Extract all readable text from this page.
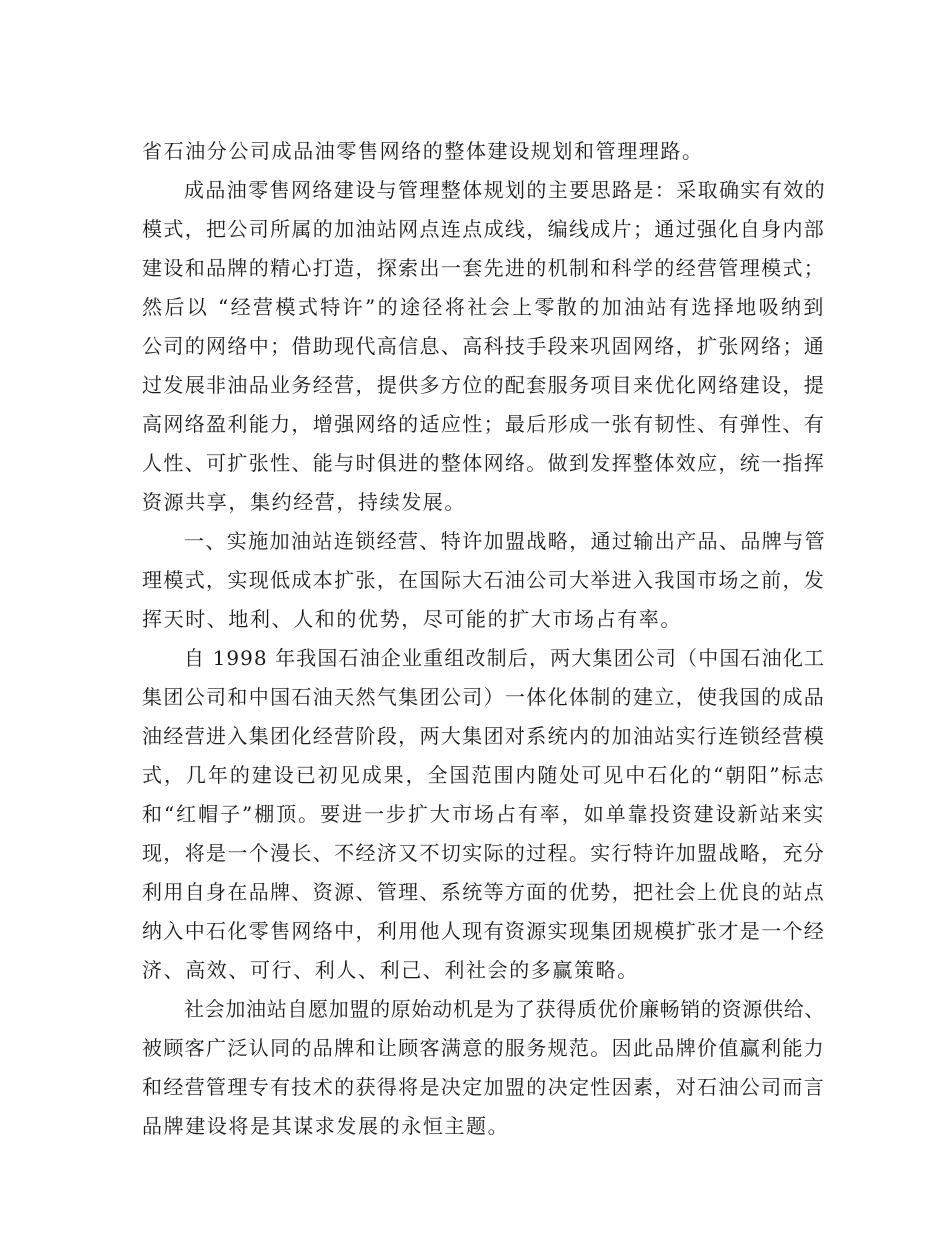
省石油分公司成品油零售网络的整体建设规划和管理理路。
成品油零售网络建设与管理整体规划的主要思路是：采取确实有效的
模式，把公司所属的加油站网点连点成线，编线成片；通过强化自身内部
建设和品牌的精心打造，探索出一套先进的机制和科学的经营管理模式；
然后以 “经营模式特许”的途径将社会上零散的加油站有选择地吸纳到
公司的网络中；借助现代高信息、高科技手段来巩固网络，扩张网络；通
过发展非油品业务经营，提供多方位的配套服务项目来优化网络建设，提
高网络盈利能力，增强网络的适应性；最后形成一张有韧性、有弹性、有
人性、可扩张性、能与时俱进的整体网络。做到发挥整体效应，统一指挥
资源共享，集约经营，持续发展。
一、实施加油站连锁经营、特许加盟战略，通过输出产品、品牌与管
理模式，实现低成本扩张，在国际大石油公司大举进入我国市场之前，发
挥天时、地利、人和的优势，尽可能的扩大市场占有率。
自 1998 年我国石油企业重组改制后，两大集团公司（中国石油化工
集团公司和中国石油天然气集团公司）一体化体制的建立，使我国的成品
油经营进入集团化经营阶段，两大集团对系统内的加油站实行连锁经营模
式，几年的建设已初见成果，全国范围内随处可见中石化的“朝阳”标志
和“红帽子”棚顶。要进一步扩大市场占有率，如单靠投资建设新站来实
现，将是一个漫长、不经济又不切实际的过程。实行特许加盟战略，充分
利用自身在品牌、资源、管理、系统等方面的优势，把社会上优良的站点
纳入中石化零售网络中，利用他人现有资源实现集团规模扩张才是一个经
济、高效、可行、利人、利己、利社会的多赢策略。
社会加油站自愿加盟的原始动机是为了获得质优价廉畅销的资源供给、
被顾客广泛认同的品牌和让顾客满意的服务规范。因此品牌价值赢利能力
和经营管理专有技术的获得将是决定加盟的决定性因素，对石油公司而言
品牌建设将是其谋求发展的永恒主题。
